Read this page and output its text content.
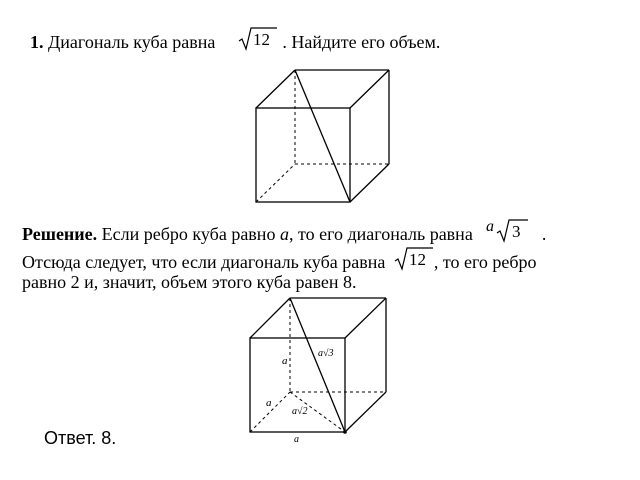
1. Диагональ куба равна 12 . Найдите его объем.
Решение. Если ребро куба равно a, то его диагональ равна a 3 .
Отсюда следует, что если диагональ куба равна 12 , то его ребро
равно 2 и, значит, объем этого куба равен 8.
a
a√3
a
a√2
a
Ответ. 8.
